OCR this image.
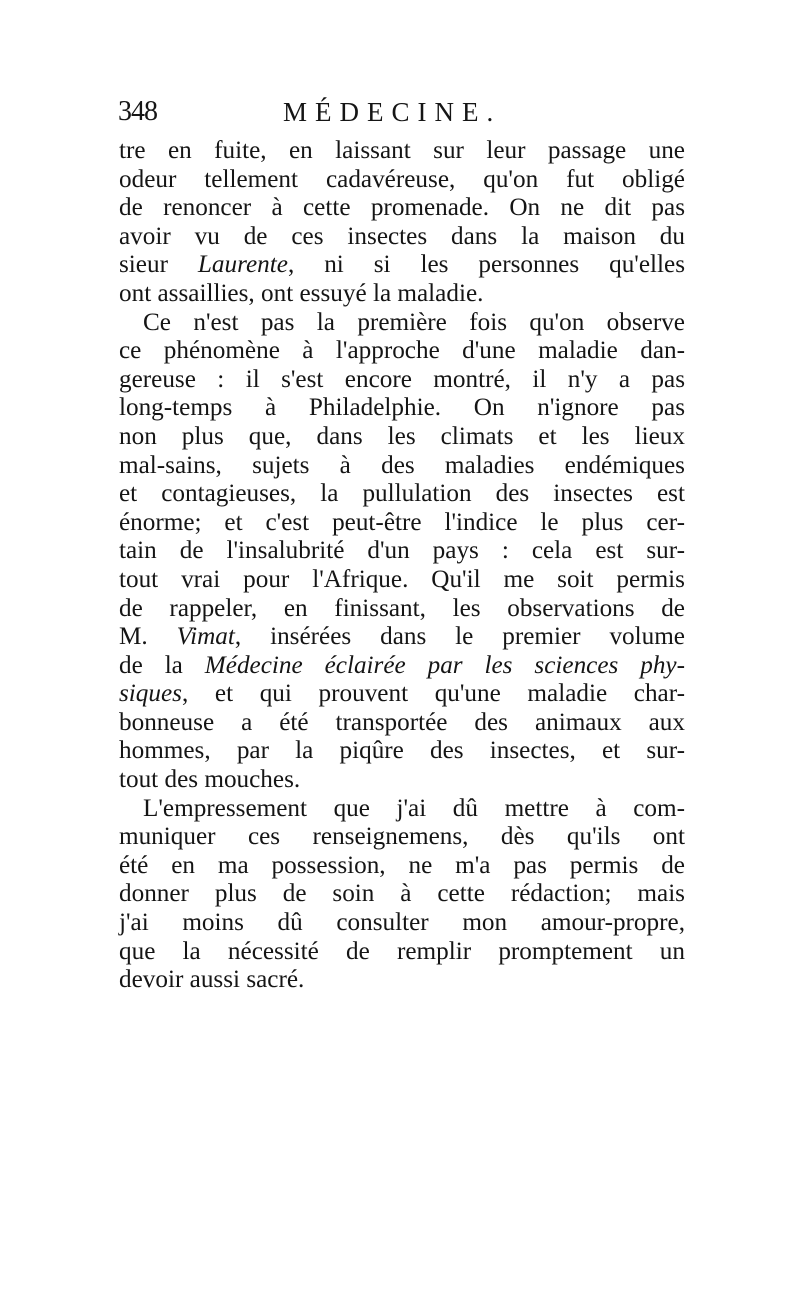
348	MÉDECINE.
tre en fuite, en laissant sur leur passage une
odeur tellement cadavéreuse, qu'on fut obligé
de renoncer à cette promenade. On ne dit pas
avoir vu de ces insectes dans la maison du
sieur Laurente, ni si les personnes qu'elles
ont assaillies, ont essuyé la maladie.
Ce n'est pas la première fois qu'on observe
ce phénomène à l'approche d'une maladie dan-
gereuse : il s'est encore montré, il n'y a pas
long-temps à Philadelphie. On n'ignore pas
non plus que, dans les climats et les lieux
mal-sains, sujets à des maladies endémiques
et contagieuses, la pullulation des insectes est
énorme; et c'est peut-être l'indice le plus cer-
tain de l'insalubrité d'un pays : cela est sur-
tout vrai pour l'Afrique. Qu'il me soit permis
de rappeler, en finissant, les observations de
M. Vimat, insérées dans le premier volume
de la Médecine éclairée par les sciences phy-
siques, et qui prouvent qu'une maladie char-
bonneuse a été transportée des animaux aux
hommes, par la piqûre des insectes, et sur-
tout des mouches.
L'empressement que j'ai dû mettre à com-
muniquer ces renseignemens, dès qu'ils ont
été en ma possession, ne m'a pas permis de
donner plus de soin à cette rédaction; mais
j'ai moins dû consulter mon amour-propre,
que la nécessité de remplir promptement un
devoir aussi sacré.
